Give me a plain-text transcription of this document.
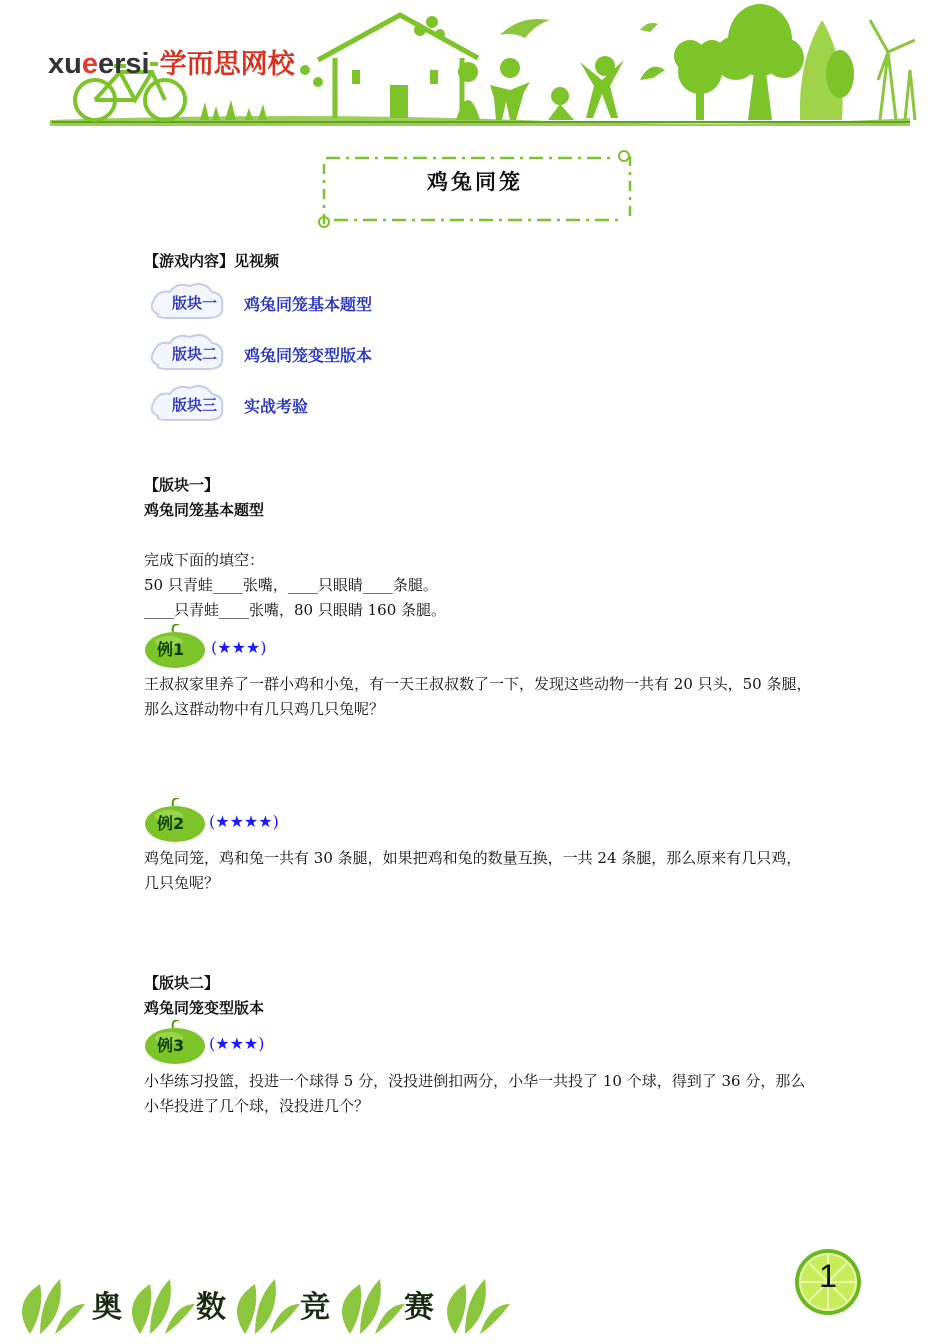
xueersi 学而思网校
鸡兔同笼
【游戏内容】见视频
版块一 鸡兔同笼基本题型
版块二 鸡兔同笼变型版本
版块三 实战考验
【版块一】
鸡兔同笼基本题型
完成下面的填空：
50 只青蛙____张嘴，____只眼睛____条腿。
____只青蛙____张嘴，80 只眼睛 160 条腿。
例1 (★★★)
王叔叔家里养了一群小鸡和小兔，有一天王叔叔数了一下，发现这些动物一共有 20 只头，50 条腿，那么这群动物中有几只鸡几只兔呢？
例2 (★★★★)
鸡兔同笼，鸡和兔一共有 30 条腿，如果把鸡和兔的数量互换，一共 24 条腿，那么原来有几只鸡，几只兔呢？
【版块二】
鸡兔同笼变型版本
例3 (★★★)
小华练习投篮，投进一个球得 5 分，没投进倒扣两分，小华一共投了 10 个球，得到了 36 分，那么小华投进了几个球，没投进几个？
奥 数 竞 赛
1
